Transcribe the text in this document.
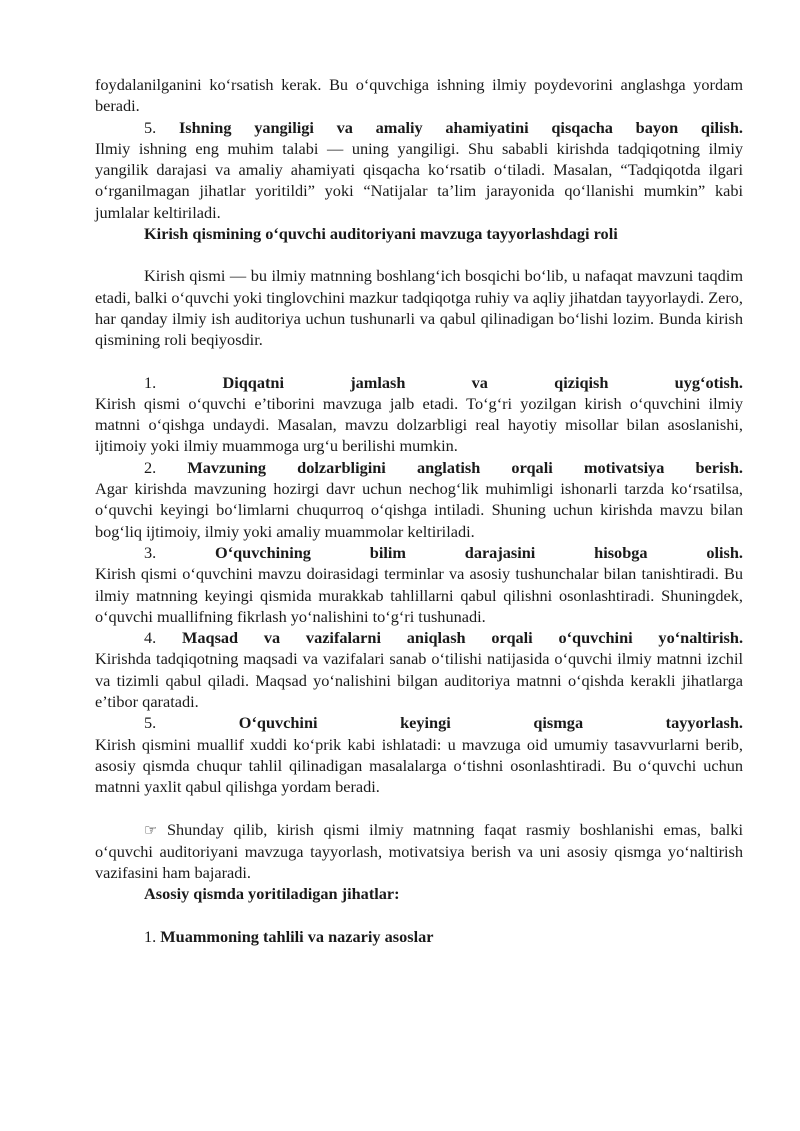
foydalanilganini ko‘rsatish kerak. Bu o‘quvchiga ishning ilmiy poydevorini anglashga yordam beradi.

5. Ishning yangiligi va amaliy ahamiyatini qisqacha bayon qilish.

Ilmiy ishning eng muhim talabi — uning yangiligi. Shu sababli kirishda tadqiqotning ilmiy yangilik darajasi va amaliy ahamiyati qisqacha ko‘rsatib o‘tiladi. Masalan, “Tadqiqotda ilgari o‘rganilmagan jihatlar yoritildi” yoki “Natijalar ta’lim jarayonida qo‘llanishi mumkin” kabi jumlalar keltiriladi.

Kirish qismining o‘quvchi auditoriyani mavzuga tayyorlashdagi roli

Kirish qismi — bu ilmiy matnning boshlang‘ich bosqichi bo‘lib, u nafaqat mavzuni taqdim etadi, balki o‘quvchi yoki tinglovchini mazkur tadqiqotga ruhiy va aqliy jihatdan tayyorlaydi. Zero, har qanday ilmiy ish auditoriya uchun tushunarli va qabul qilinadigan bo‘lishi lozim. Bunda kirish qismining roli beqiyosdir.

1. Diqqatni jamlash va qiziqish uyg‘otish.

Kirish qismi o‘quvchi e’tiborini mavzuga jalb etadi. To‘g‘ri yozilgan kirish o‘quvchini ilmiy matnni o‘qishga undaydi. Masalan, mavzu dolzarbligi real hayotiy misollar bilan asoslanishi, ijtimoiy yoki ilmiy muammoga urg‘u berilishi mumkin.

2. Mavzuning dolzarbligini anglatish orqali motivatsiya berish.

Agar kirishda mavzuning hozirgi davr uchun nechog‘lik muhimligi ishonarli tarzda ko‘rsatilsa, o‘quvchi keyingi bo‘limlarni chuqurroq o‘qishga intiladi. Shuning uchun kirishda mavzu bilan bog‘liq ijtimoiy, ilmiy yoki amaliy muammolar keltiriladi.

3. O‘quvchining bilim darajasini hisobga olish.

Kirish qismi o‘quvchini mavzu doirasidagi terminlar va asosiy tushunchalar bilan tanishtiradi. Bu ilmiy matnning keyingi qismida murakkab tahlillarni qabul qilishni osonlashtiradi. Shuningdek, o‘quvchi muallifning fikrlash yo‘nalishini to‘g‘ri tushunadi.

4. Maqsad va vazifalarni aniqlash orqali o‘quvchini yo‘naltirish.

Kirishda tadqiqotning maqsadi va vazifalari sanab o‘tilishi natijasida o‘quvchi ilmiy matnni izchil va tizimli qabul qiladi. Maqsad yo‘nalishini bilgan auditoriya matnni o‘qishda kerakli jihatlarga e’tibor qaratadi.

5. O‘quvchini keyingi qismga tayyorlash.

Kirish qismini muallif xuddi ko‘prik kabi ishlatadi: u mavzuga oid umumiy tasavvurlarni berib, asosiy qismda chuqur tahlil qilinadigan masalalarga o‘tishni osonlashtiradi. Bu o‘quvchi uchun matnni yaxlit qabul qilishga yordam beradi.

☞ Shunday qilib, kirish qismi ilmiy matnning faqat rasmiy boshlanishi emas, balki o‘quvchi auditoriyani mavzuga tayyorlash, motivatsiya berish va uni asosiy qismga yo‘naltirish vazifasini ham bajaradi.

Asosiy qismda yoritiladigan jihatlar:

1. Muammoning tahlili va nazariy asoslar
